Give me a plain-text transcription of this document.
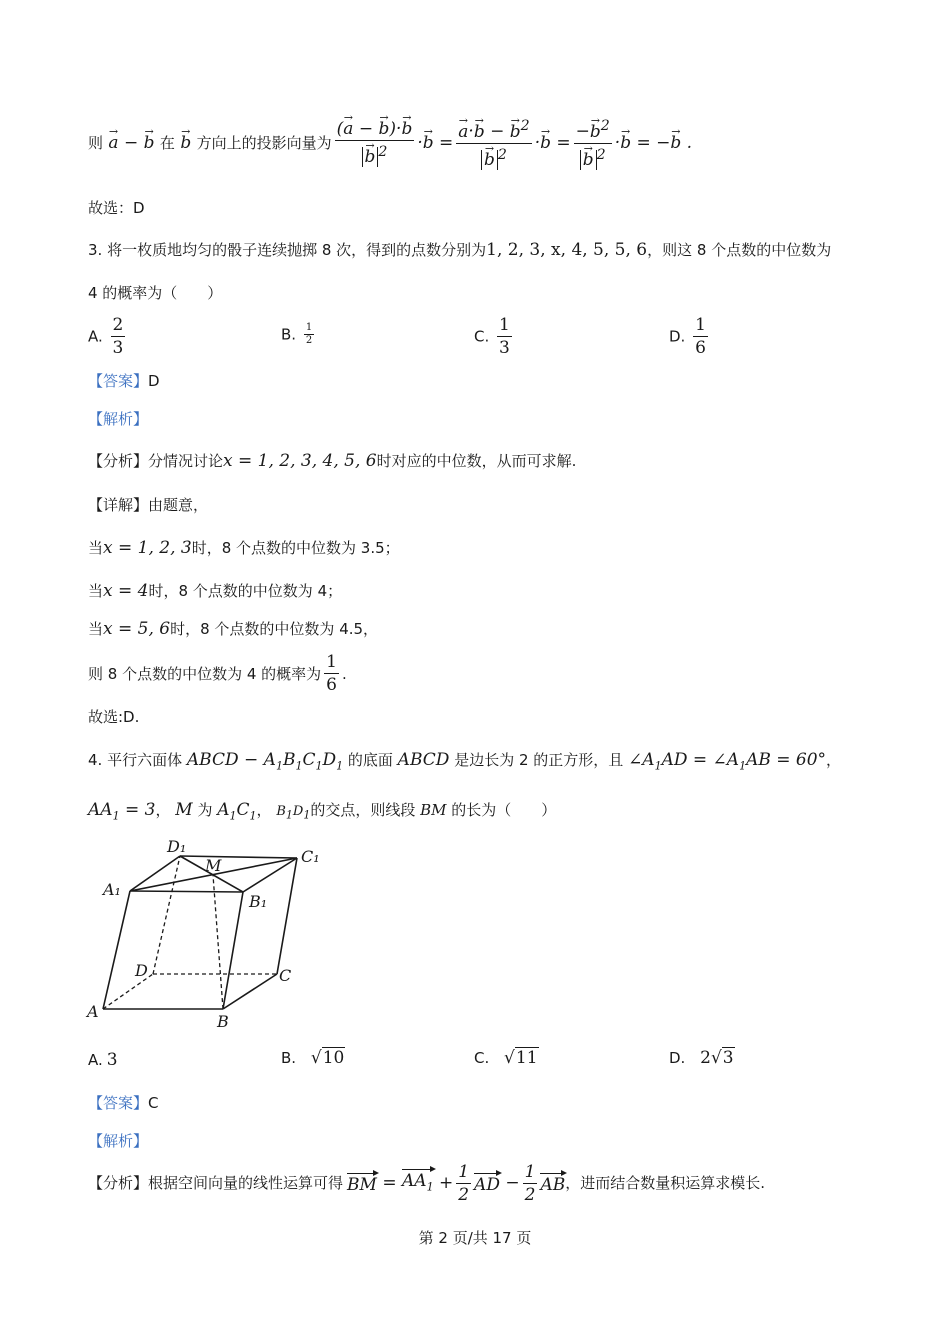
则 → a − → b 在 → b 方向上的投影向量为 (→ a − → b)·→ b
→ b $^2$ ·→ b = → a·→ b − → $b^2$
→ b $^2$ ·→ b = −→ $b^2$
→ b $^2$ ·→ b = −→ b .
故选：D
3. 将一枚质地均匀的骰子连续抛掷 8 次，得到的点数分别为1, 2, 3, x, 4, 5, 5, 6，则这 8 个点数的中位数为
4 的概率为（　　）
A. $\frac{2}{3}$	B. $\frac{1}{2}$	C. $\frac{1}{3}$	D. $\frac{1}{6}$
【答案】D
【解析】
【分析】分情况讨论x = 1, 2, 3, 4, 5, 6时对应的中位数，从而可求解.
【详解】由题意，
当x = 1, 2, 3时，8 个点数的中位数为 3.5；
当x = 4时，8 个点数的中位数为 4；
当x = 5, 6时，8 个点数的中位数为 4.5，
则 8 个点数的中位数为 4 的概率为 $\frac{1}{6}$ .
故选:D.
4. 平行六面体 ABCD − $A_1B_1C_1D_1$ 的底面 ABCD 是边长为 2 的正方形，且 $\angle A_1AD$ = $\angle A_1AB = 60^\circ$，
$AA_1 = 3$， M 为 $A_1C_1$， $B_1D_1$的交点，则线段 BM 的长为（　　）
D₁
M	C₁
A₁
B₁
D	C
A
B
A. 3	B. √10	C. √11	D. 2√3
【答案】C
【解析】
【分析】 根据空间向量的线性运算可得 BM = $AA_1 + \frac{1}{2}$ AD − $\frac{1}{2}$ AB ，进而结合数量积运算求模长.
第 2 页/共 17 页
